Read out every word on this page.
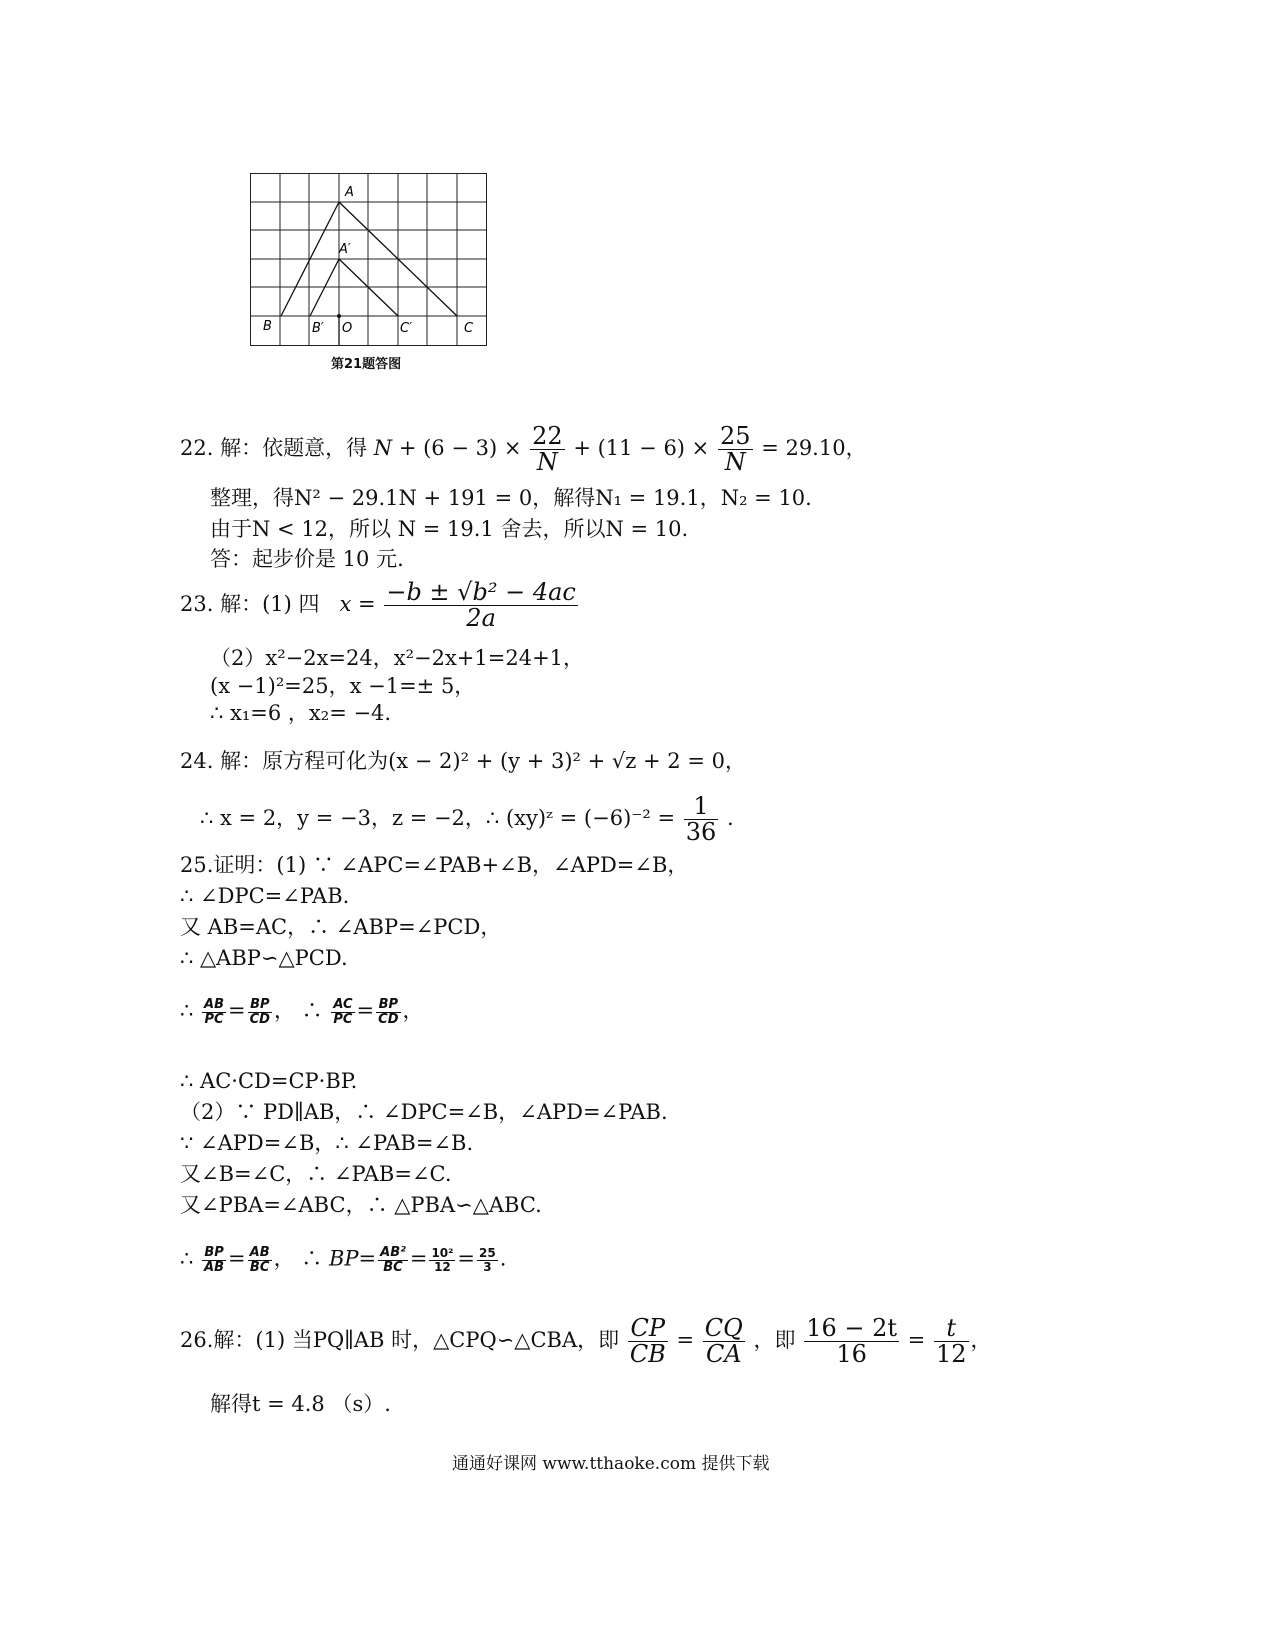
A
A′
B	B′ O	C′	C
第21题答图
22. 解：依题意，得 $N + (6 - 3) \times \frac{22}{N} + (11 - 6) \times \frac{25}{N} = 29.10$，
整理，得N² − 29.1N + 191 = 0，解得N₁ = 19.1，N₂ = 10.
由于N < 12，所以 N = 19.1 舍去，所以N = 10.
答：起步价是 10 元.
23. 解：(1) 四 $x = \frac{\text{−b ± √b² − 4ac}}{2a}$
（2）x²−2x=24，x²−2x+1=24+1，
(x −1)²=25，x −1=± 5，
∴ x₁=6 ，x₂= −4.
24. 解：原方程可化为(x − 2)² + (y + 3)² + √z + 2 = 0，
∴ x = 2，y = −3，z = −2，∴ (xy)ᶻ = $(-6)^{-2} = \frac{1}{36}$ .
25.证明：(1) ∵ ∠APC=∠PAB+∠B，∠APD=∠B，
∴ ∠DPC=∠PAB.
又 AB=AC，∴ ∠ABP=∠PCD，
∴ △ABP∽△PCD.
∴ $\frac{AB}{PC} = \frac{BP}{CD}$ ， ∴ $\frac{AC}{PC} = \frac{BP}{CD}$ ，
∴ AC·CD=CP·BP.
（2）∵ PD∥AB，∴ ∠DPC=∠B，∠APD=∠PAB.
∵ ∠APD=∠B，∴ ∠PAB=∠B.
又∠B=∠C，∴ ∠PAB=∠C.
又∠PBA=∠ABC，∴ △PBA∽△ABC.
∴ $\frac{BP}{AB} = \frac{AB}{BC}$ ， ∴ $BP= \frac{\text{AB²}}{BC} = \frac{\text{10²}}{12} = \frac{25}{3}$ .
26.解：(1) 当PQ∥AB 时，△CPQ∽△CBA，即 $\frac{CP}{CB} = \frac{CQ}{CA}$ ，即 $\frac{16 - 2t}{16} = \frac{t}{12}$ ，
解得t = 4.8 （s）.
通通好课网 www.tthaoke.com 提供下载
